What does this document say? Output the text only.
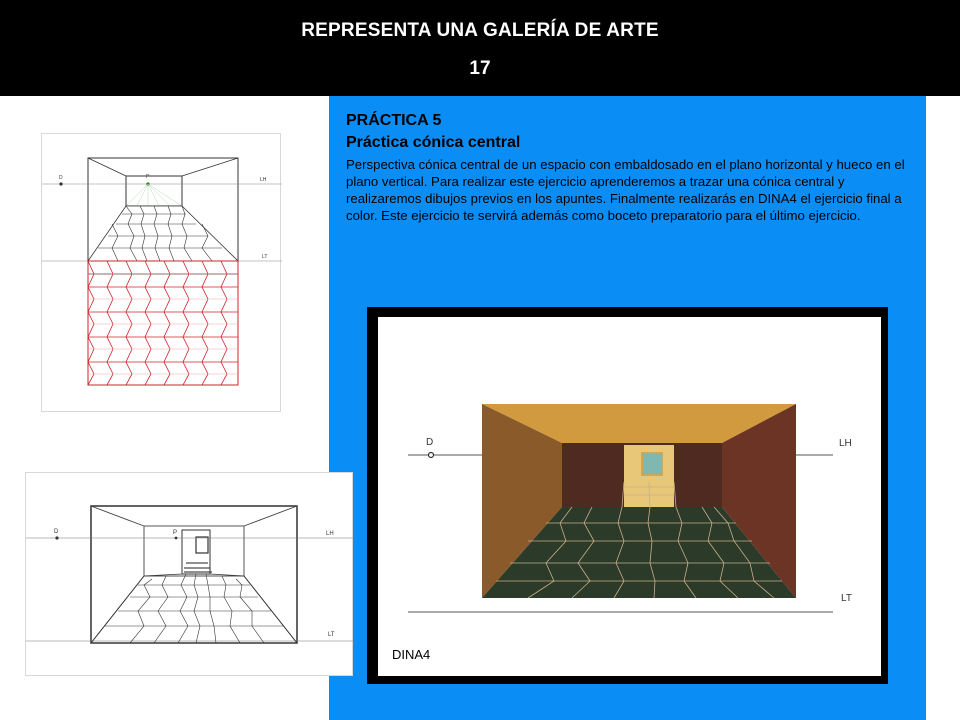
REPRESENTA UNA GALERÍA DE ARTE
17
PRÁCTICA 5
Práctica cónica central
Perspectiva cónica central de un espacio con embaldosado en el plano horizontal y hueco en el plano vertical. Para realizar este ejercicio aprenderemos a trazar una cónica central y realizaremos dibujos previos en los apuntes. Finalmente realizarás en DINA4 el ejercicio final a color. Este ejercicio te servirá además como boceto preparatorio para el último ejercicio.
D	P	LH
LT
D	P	LH
LT
D	LH
LT
DINA4
